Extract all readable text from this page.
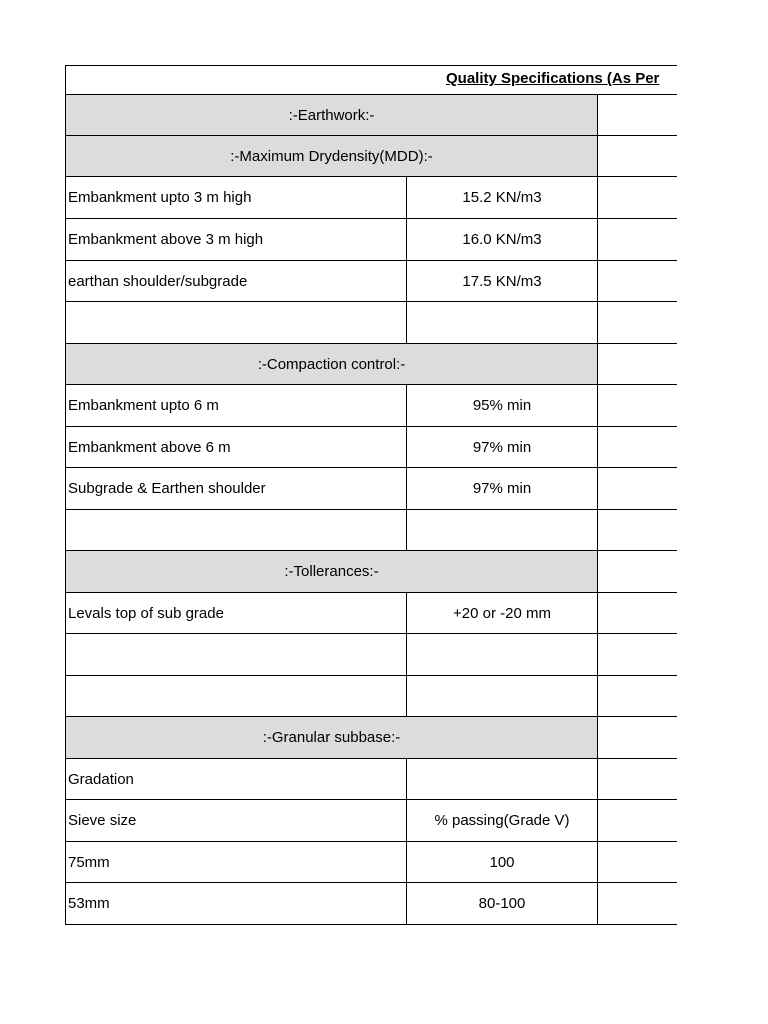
Quality Specifications (As Per
:-Earthwork:-
:-Maximum Drydensity(MDD):-
Embankment upto 3 m high	15.2 KN/m3
Embankment above 3 m high	16.0 KN/m3
earthan shoulder/subgrade	17.5 KN/m3
:-Compaction control:-
Embankment upto 6 m	95% min
Embankment above 6 m	97% min
Subgrade & Earthen shoulder	97% min
:-Tollerances:-
Levals top of sub grade	+20 or -20 mm
:-Granular subbase:-
Gradation
Sieve size	% passing(Grade V)
75mm	100
53mm	80-100
